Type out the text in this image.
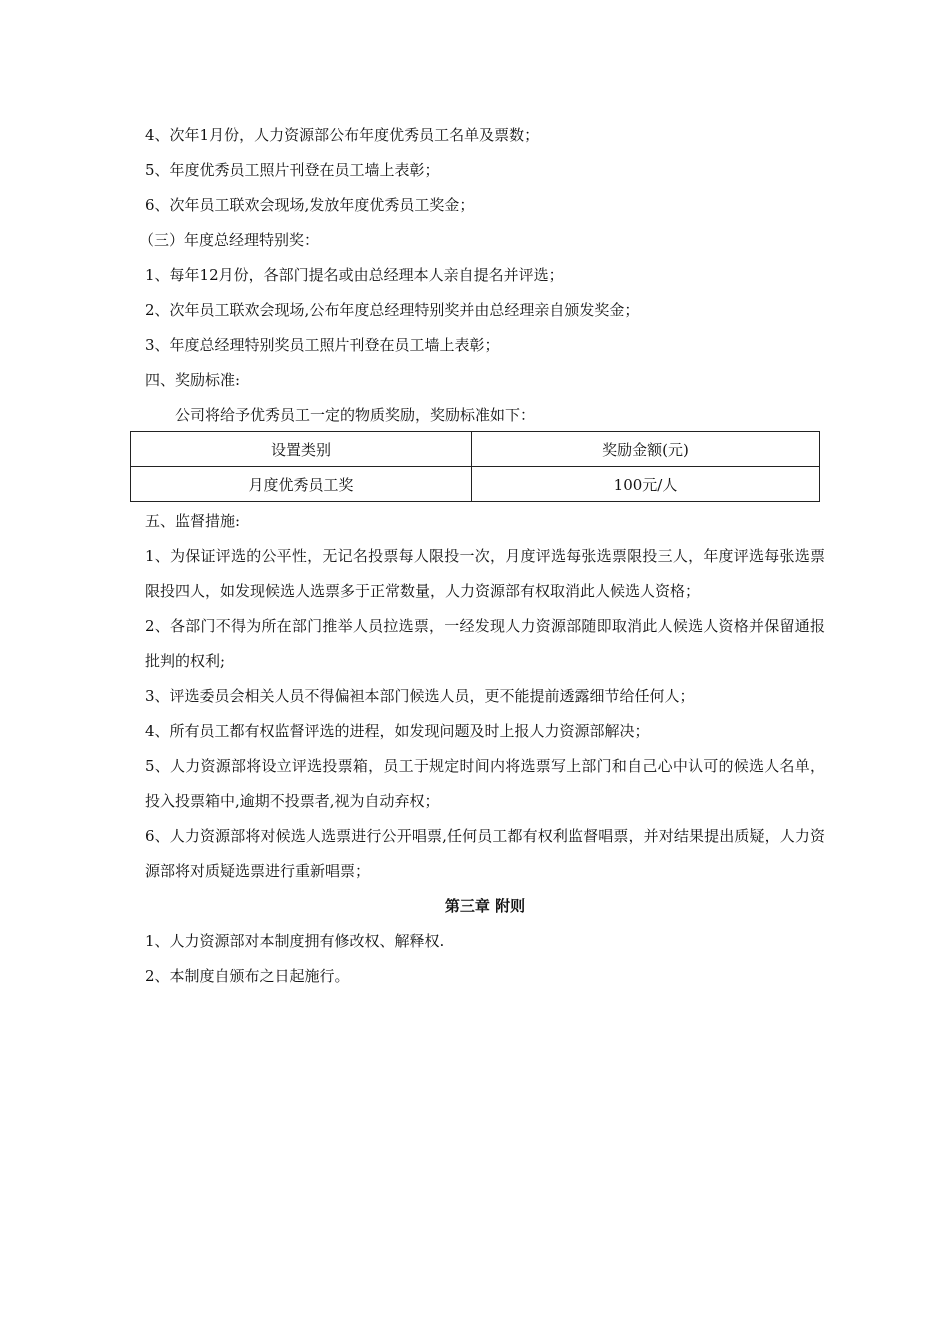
4、次年1月份，人力资源部公布年度优秀员工名单及票数；
5、年度优秀员工照片刊登在员工墙上表彰；
6、次年员工联欢会现场,发放年度优秀员工奖金；
（三）年度总经理特别奖：
1、每年12月份，各部门提名或由总经理本人亲自提名并评选；
2、次年员工联欢会现场,公布年度总经理特别奖并由总经理亲自颁发奖金；
3、年度总经理特别奖员工照片刊登在员工墙上表彰；
四、奖励标准:
公司将给予优秀员工一定的物质奖励，奖励标准如下：
设置类别	奖励金额(元)
月度优秀员工奖	100元/人
五、监督措施:
1、为保证评选的公平性，无记名投票每人限投一次，月度评选每张选票限投三人，年度评选每张选票限投四人，如发现候选人选票多于正常数量，人力资源部有权取消此人候选人资格；
2、各部门不得为所在部门推举人员拉选票，一经发现人力资源部随即取消此人候选人资格并保留通报批判的权利;
3、评选委员会相关人员不得偏袒本部门候选人员，更不能提前透露细节给任何人；
4、所有员工都有权监督评选的进程，如发现问题及时上报人力资源部解决；
5、人力资源部将设立评选投票箱，员工于规定时间内将选票写上部门和自己心中认可的候选人名单，投入投票箱中,逾期不投票者,视为自动弃权；
6、人力资源部将对候选人选票进行公开唱票,任何员工都有权利监督唱票，并对结果提出质疑，人力资源部将对质疑选票进行重新唱票；
第三章 附则
1、人力资源部对本制度拥有修改权、解释权.
2、本制度自颁布之日起施行。
